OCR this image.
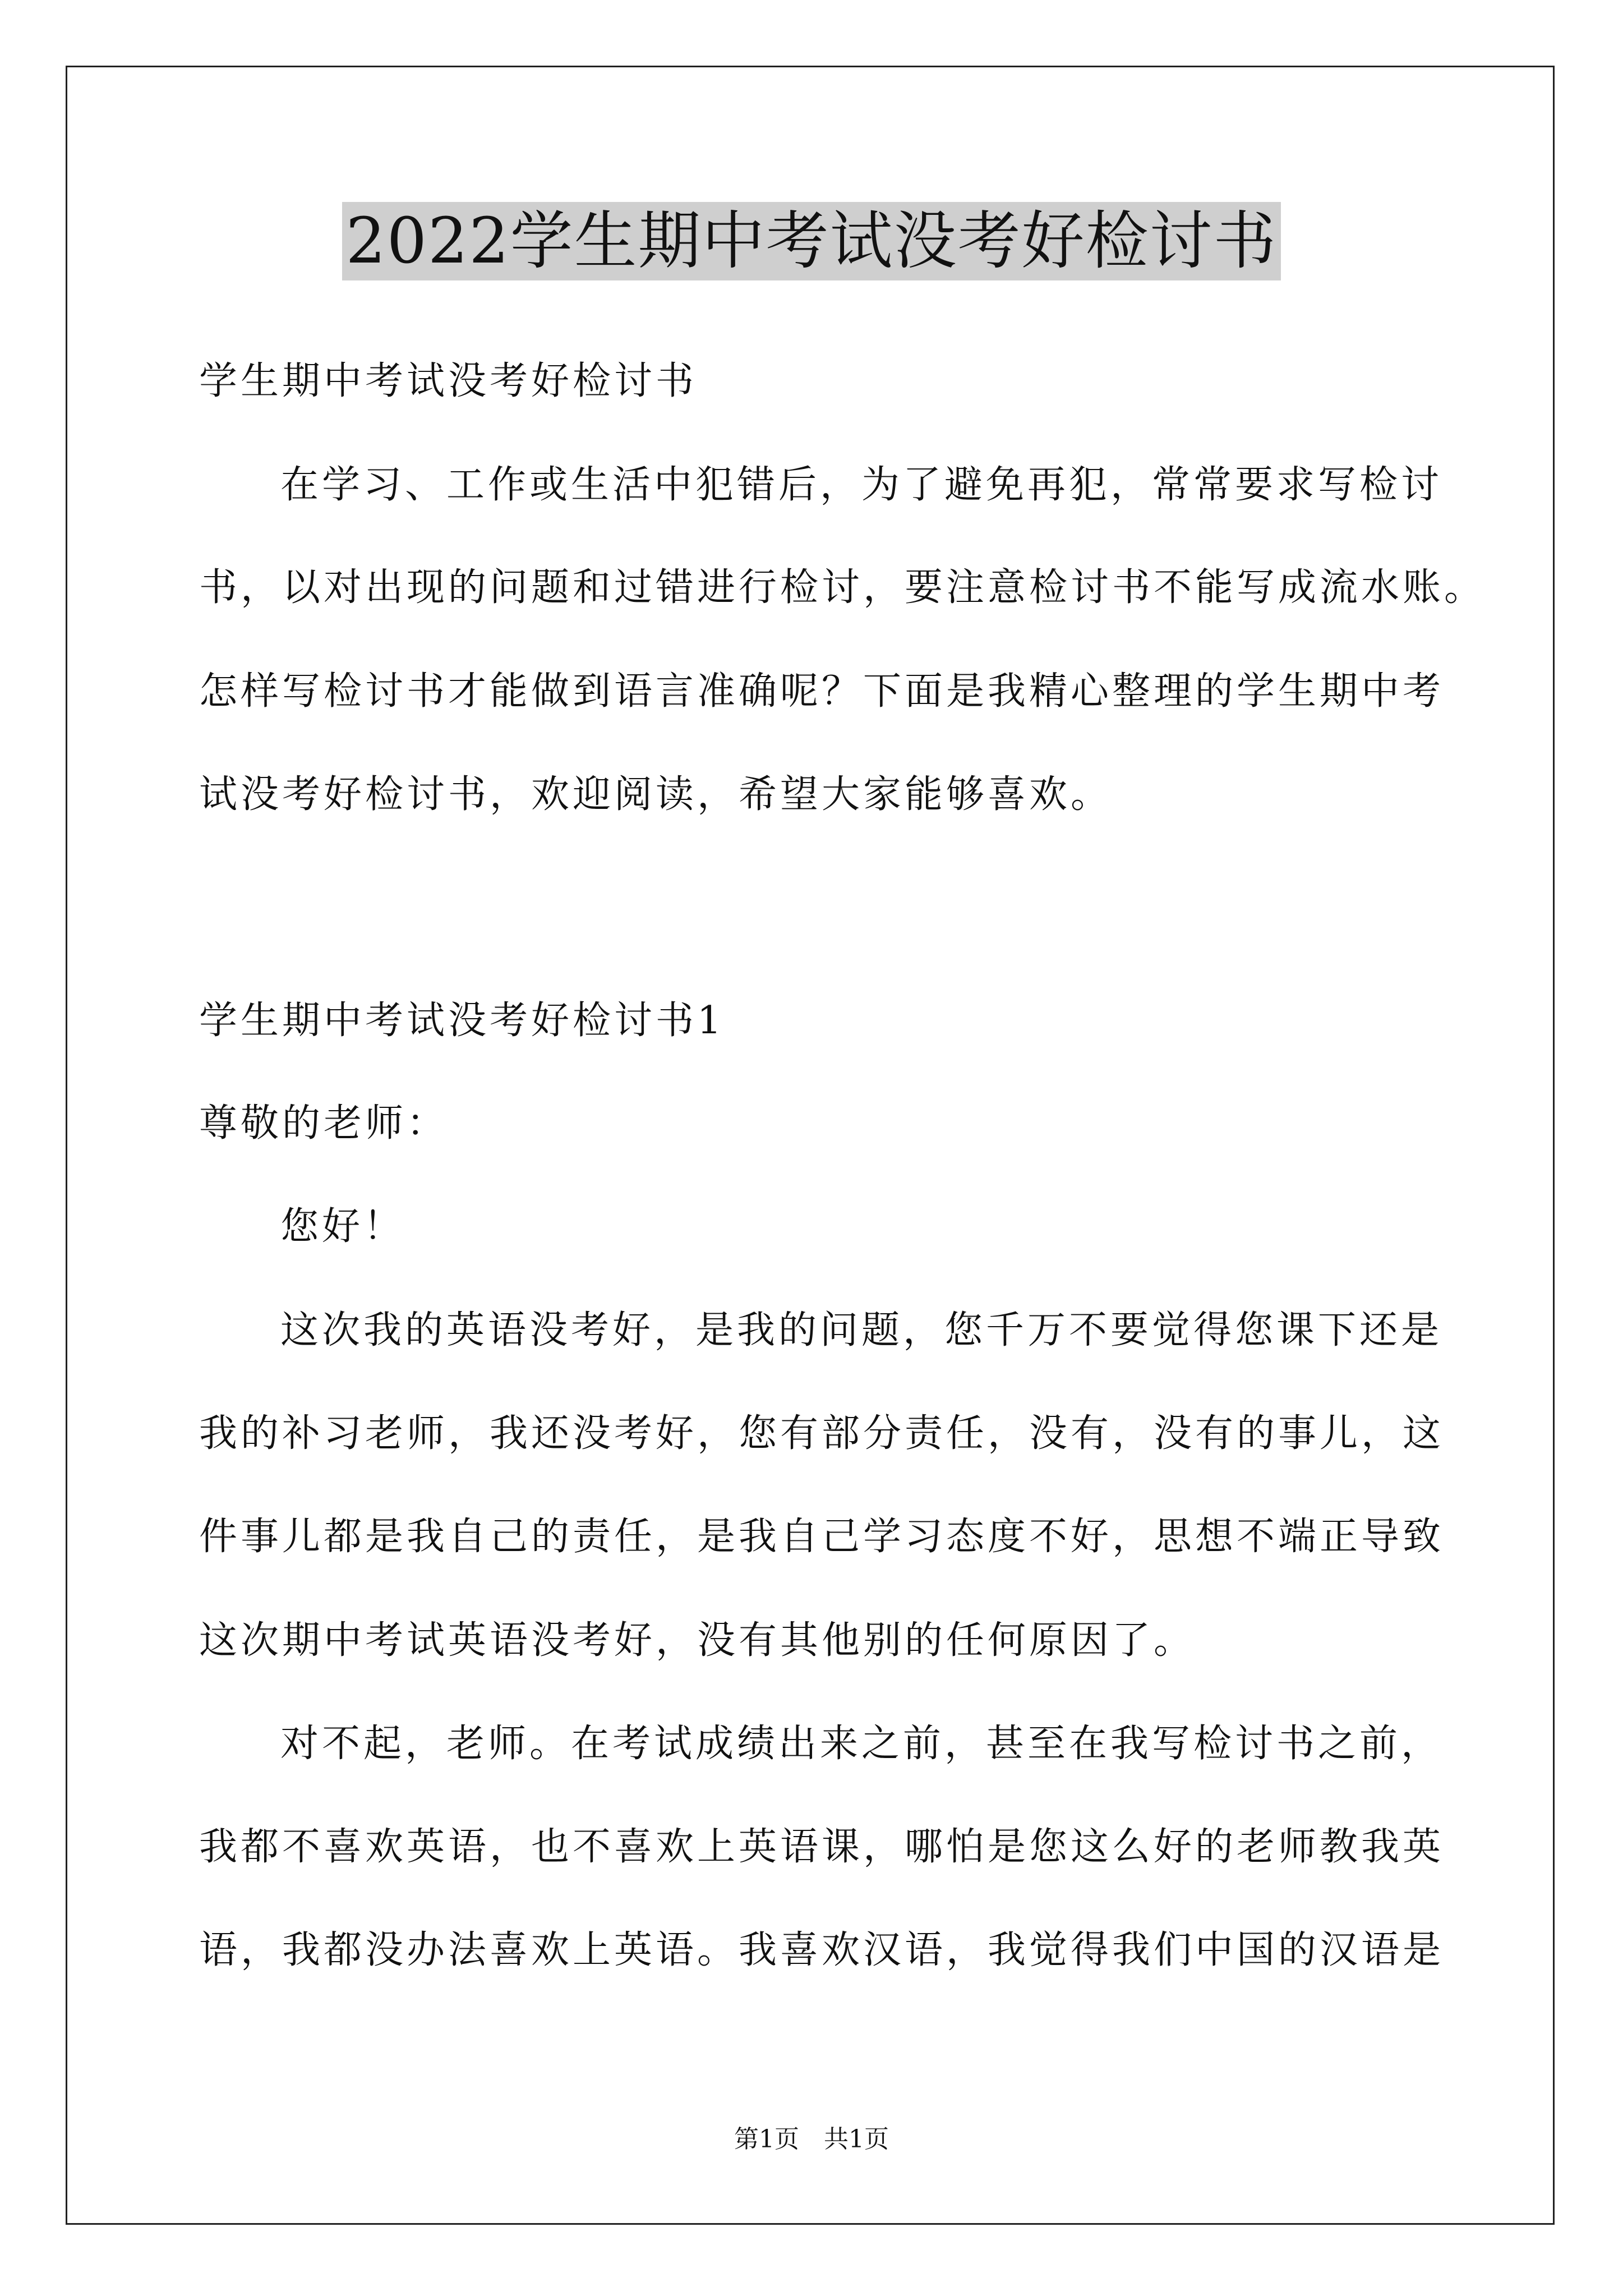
2022学生期中考试没考好检讨书
学生期中考试没考好检讨书
在学习、工作或生活中犯错后，为了避免再犯，常常要求写检讨
书，以对出现的问题和过错进行检讨，要注意检讨书不能写成流水账。
怎样写检讨书才能做到语言准确呢？下面是我精心整理的学生期中考
试没考好检讨书，欢迎阅读，希望大家能够喜欢。
学生期中考试没考好检讨书1
尊敬的老师：
您好！
这次我的英语没考好，是我的问题，您千万不要觉得您课下还是
我的补习老师，我还没考好，您有部分责任，没有，没有的事儿，这
件事儿都是我自己的责任，是我自己学习态度不好，思想不端正导致
这次期中考试英语没考好，没有其他别的任何原因了。
对不起，老师。在考试成绩出来之前，甚至在我写检讨书之前，
我都不喜欢英语，也不喜欢上英语课，哪怕是您这么好的老师教我英
语，我都没办法喜欢上英语。我喜欢汉语，我觉得我们中国的汉语是
第1页　共1页
